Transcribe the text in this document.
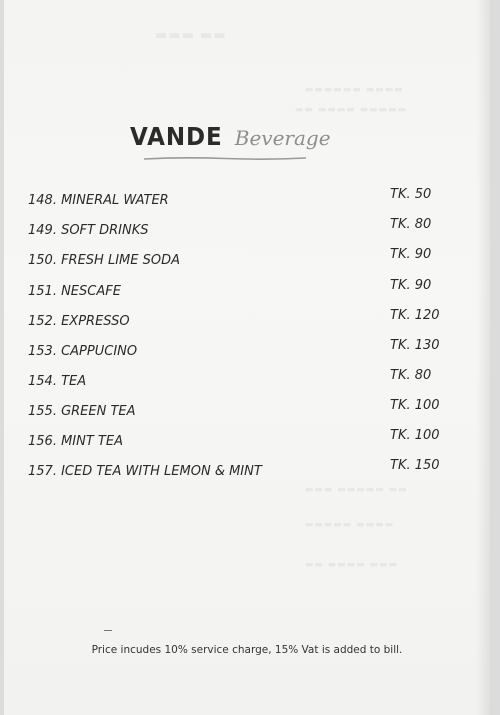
▬▬ ▬▬▬
▬▬▬▬ ▬▬▬▬▬▬
▬▬▬▬▬ ▬▬▬▬ ▬▬
▬▬ ▬▬▬▬▬ ▬▬▬
▬▬▬▬ ▬▬▬▬▬
▬▬▬ ▬▬▬▬ ▬▬
VANDE Beverage
148. MINERAL WATER	TK. 50
149. SOFT DRINKS	TK. 80
150. FRESH LIME SODA	TK. 90
151. NESCAFE	TK. 90
152. EXPRESSO	TK. 120
153. CAPPUCINO	TK. 130
154. TEA	TK. 80
155. GREEN TEA	TK. 100
156. MINT TEA	TK. 100
157. ICED TEA WITH LEMON & MINT	TK. 150
Price incudes 10% service charge, 15% Vat is added to bill.
